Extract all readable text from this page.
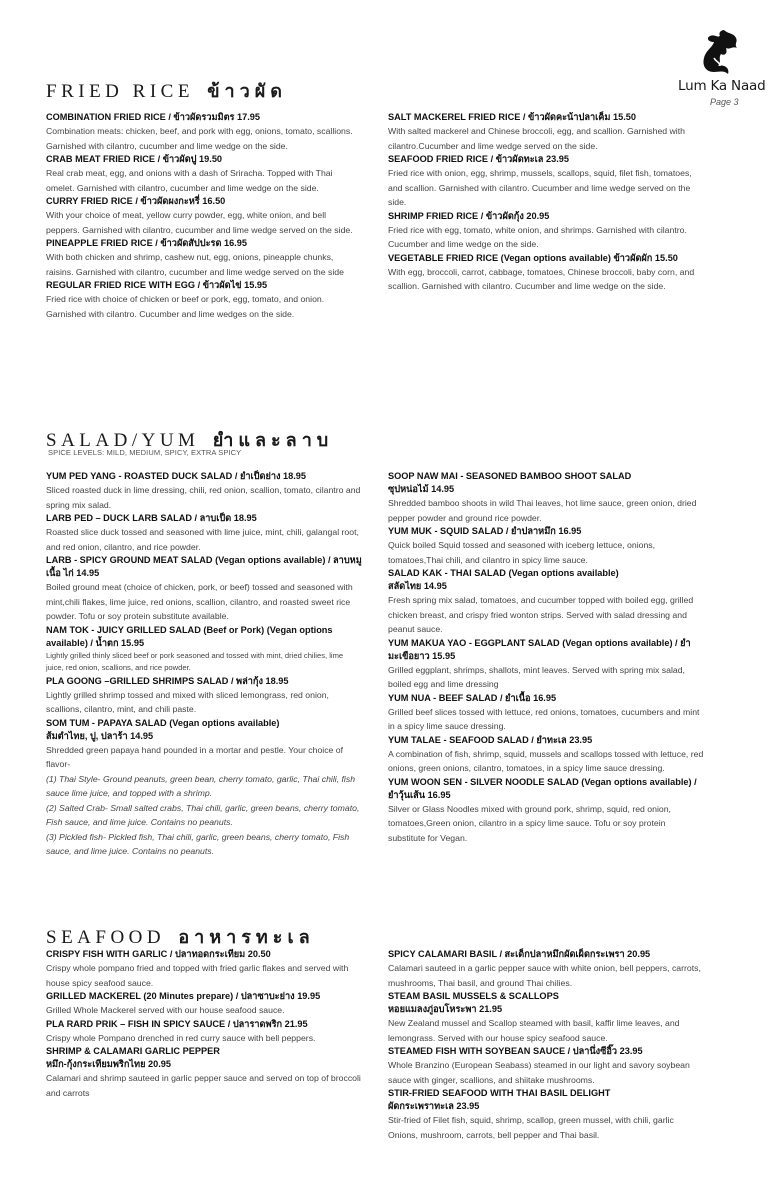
Lum Ka Naad
Page 3
FRIED RICE ข้าวผัด
COMBINATION FRIED RICE / ข้าวผัดรวมมิตร 17.95
Combination meats: chicken, beef, and pork with egg, onions, tomato, scallions. Garnished with cilantro, cucumber and lime wedge on the side.
CRAB MEAT FRIED RICE / ข้าวผัดปู 19.50
Real crab meat, egg, and onions with a dash of Sriracha. Topped with Thai omelet. Garnished with cilantro, cucumber and lime wedge on the side.
CURRY FRIED RICE / ข้าวผัดผงกะหรี่ 16.50
With your choice of meat, yellow curry powder, egg, white onion, and bell peppers. Garnished with cilantro, cucumber and lime wedge served on the side.
PINEAPPLE FRIED RICE / ข้าวผัดสัปปะรด 16.95
With both chicken and shrimp, cashew nut, egg, onions, pineapple chunks, raisins. Garnished with cilantro, cucumber and lime wedge served on the side
REGULAR FRIED RICE WITH EGG / ข้าวผัดไข่ 15.95
Fried rice with choice of chicken or beef or pork, egg, tomato, and onion. Garnished with cilantro. Cucumber and lime wedges on the side.
SALT MACKEREL FRIED RICE / ข้าวผัดคะน้าปลาเค็ม 15.50
With salted mackerel and Chinese broccoli, egg, and scallion. Garnished with cilantro.Cucumber and lime wedge served on the side.
SEAFOOD FRIED RICE / ข้าวผัดทะเล 23.95
Fried rice with onion, egg, shrimp, mussels, scallops, squid, filet fish, tomatoes, and scallion. Garnished with cilantro. Cucumber and lime wedge served on the side.
SHRIMP FRIED RICE / ข้าวผัดกุ้ง 20.95
Fried rice with egg, tomato, white onion, and shrimps. Garnished with cilantro. Cucumber and lime wedge on the side.
VEGETABLE FRIED RICE (Vegan options available) ข้าวผัดผัก 15.50
With egg, broccoli, carrot, cabbage, tomatoes, Chinese broccoli, baby corn, and scallion. Garnished with cilantro. Cucumber and lime wedge on the side.
SALAD/YUM ยำและลาบ
SPICE LEVELS: MILD, MEDIUM, SPICY, EXTRA SPICY
YUM PED YANG - ROASTED DUCK SALAD / ยำเป็ดย่าง 18.95
Sliced roasted duck in lime dressing, chili, red onion, scallion, tomato, cilantro and spring mix salad.
LARB PED – DUCK LARB SALAD / ลาบเป็ด 18.95
Roasted slice duck tossed and seasoned with lime juice, mint, chili, galangal root, and red onion, cilantro, and rice powder.
LARB - SPICY GROUND MEAT SALAD (Vegan options available) / ลาบหมู เนื้อ ไก่ 14.95
Boiled ground meat (choice of chicken, pork, or beef) tossed and seasoned with mint,chili flakes, lime juice, red onions, scallion, cilantro, and roasted sweet rice powder. Tofu or soy protein substitute available.
NAM TOK - JUICY GRILLED SALAD (Beef or Pork) (Vegan options available) / น้ำตก 15.95
Lightly grilled thinly sliced beef or pork seasoned and tossed with mint, dried chilies, lime juice, red onion, scallions, and rice powder.
PLA GOONG –GRILLED SHRIMPS SALAD / พล่ากุ้ง 18.95
Lightly grilled shrimp tossed and mixed with sliced lemongrass, red onion, scallions, cilantro, mint, and chili paste.
SOM TUM - PAPAYA SALAD (Vegan options available)
ส้มตำไทย, ปู, ปลาร้า 14.95
Shredded green papaya hand pounded in a mortar and pestle. Your choice of flavor-
(1) Thai Style- Ground peanuts, green bean, cherry tomato, garlic, Thai chili, fish sauce lime juice, and topped with a shrimp.
(2) Salted Crab- Small salted crabs, Thai chili, garlic, green beans, cherry tomato, Fish sauce, and lime juice. Contains no peanuts.
(3) Pickled fish- Pickled fish, Thai chili, garlic, green beans, cherry tomato, Fish sauce, and lime juice. Contains no peanuts.
SOOP NAW MAI - SEASONED BAMBOO SHOOT SALAD
ซุปหน่อไม้ 14.95
Shredded bamboo shoots in wild Thai leaves, hot lime sauce, green onion, dried pepper powder and ground rice powder.
YUM MUK - SQUID SALAD / ยำปลาหมึก 16.95
Quick boiled Squid tossed and seasoned with iceberg lettuce, onions, tomatoes,Thai chili, and cilantro in spicy lime sauce.
SALAD KAK - THAI SALAD (Vegan options available)
สลัดไทย 14.95
Fresh spring mix salad, tomatoes, and cucumber topped with boiled egg, grilled chicken breast, and crispy fried wonton strips. Served with salad dressing and peanut sauce.
YUM MAKUA YAO - EGGPLANT SALAD (Vegan options available) / ยำมะเขือยาว 15.95
Grilled eggplant, shrimps, shallots, mint leaves. Served with spring mix salad, boiled egg and lime dressing
YUM NUA - BEEF SALAD / ยำเนื้อ 16.95
Grilled beef slices tossed with lettuce, red onions, tomatoes, cucumbers and mint in a spicy lime sauce dressing.
YUM TALAE - SEAFOOD SALAD / ยำทะเล 23.95
A combination of fish, shrimp, squid, mussels and scallops tossed with lettuce, red onions, green onions, cilantro, tomatoes, in a spicy lime sauce dressing.
YUM WOON SEN - SILVER NOODLE SALAD (Vegan options available) / ยำวุ้นเส้น 16.95
Silver or Glass Noodles mixed with ground pork, shrimp, squid, red onion, tomatoes,Green onion, cilantro in a spicy lime sauce. Tofu or soy protein substitute for Vegan.
SEAFOOD อาหารทะเล
CRISPY FISH WITH GARLIC / ปลาทอดกระเทียม 20.50
Crispy whole pompano fried and topped with fried garlic flakes and served with house spicy seafood sauce.
GRILLED MACKEREL (20 Minutes prepare) / ปลาซาบะย่าง 19.95
Grilled Whole Mackerel served with our house seafood sauce.
PLA RARD PRIK – FISH IN SPICY SAUCE / ปลาราดพริก 21.95
Crispy whole Pompano drenched in red curry sauce with bell peppers.
SHRIMP & CALAMARI GARLIC PEPPER
หมึก-กุ้งกระเทียมพริกไทย 20.95
Calamari and shrimp sauteed in garlic pepper sauce and served on top of broccoli and carrots
SPICY CALAMARI BASIL / สะเด็กปลาหมึกผัดเผ็ดกระเพรา 20.95
Calamari sauteed in a garlic pepper sauce with white onion, bell peppers, carrots, mushrooms, Thai basil, and ground Thai chilies.
STEAM BASIL MUSSELS & SCALLOPS
หอยแมลงภู่อบโหระพา 21.95
New Zealand mussel and Scallop steamed with basil, kaffir lime leaves, and lemongrass. Served with our house spicy seafood sauce.
STEAMED FISH WITH SOYBEAN SAUCE / ปลานึ่งซีอิ๊ว 23.95
Whole Branzino (European Seabass) steamed in our light and savory soybean sauce with ginger, scallions, and shiitake mushrooms.
STIR-FRIED SEAFOOD WITH THAI BASIL DELIGHT
ผัดกระเพราทะเล 23.95
Stir-fried of Filet fish, squid, shrimp, scallop, green mussel, with chili, garlic Onions, mushroom, carrots, bell pepper and Thai basil.
